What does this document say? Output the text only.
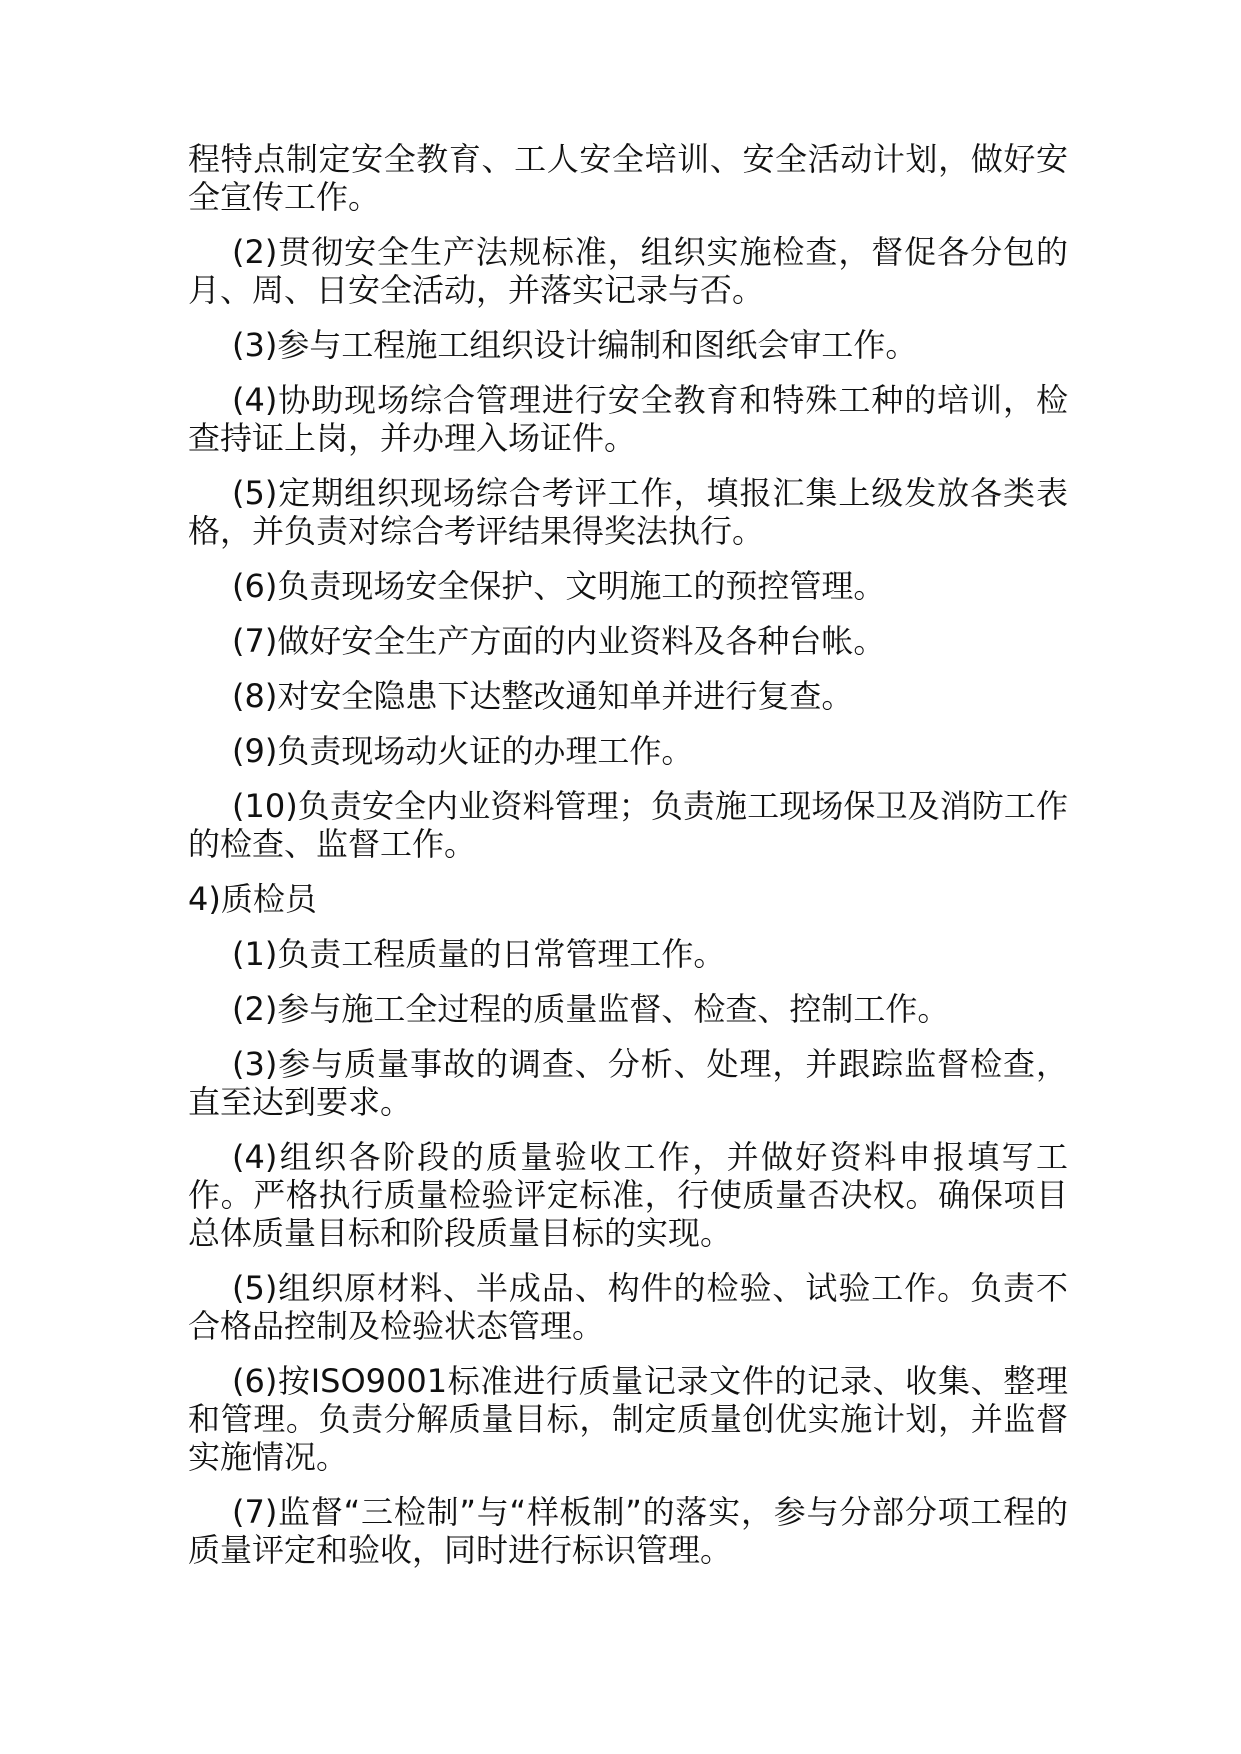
程特点制定安全教育、工人安全培训、安全活动计划，做好安全宣传工作。

(2)贯彻安全生产法规标准，组织实施检查，督促各分包的月、周、日安全活动，并落实记录与否。

(3)参与工程施工组织设计编制和图纸会审工作。

(4)协助现场综合管理进行安全教育和特殊工种的培训，检查持证上岗，并办理入场证件。

(5)定期组织现场综合考评工作，填报汇集上级发放各类表格，并负责对综合考评结果得奖法执行。

(6)负责现场安全保护、文明施工的预控管理。

(7)做好安全生产方面的内业资料及各种台帐。

(8)对安全隐患下达整改通知单并进行复查。

(9)负责现场动火证的办理工作。

(10)负责安全内业资料管理；负责施工现场保卫及消防工作的检查、监督工作。

4)质检员

(1)负责工程质量的日常管理工作。

(2)参与施工全过程的质量监督、检查、控制工作。

(3)参与质量事故的调查、分析、处理，并跟踪监督检查，直至达到要求。

(4)组织各阶段的质量验收工作，并做好资料申报填写工作。严格执行质量检验评定标准，行使质量否决权。确保项目总体质量目标和阶段质量目标的实现。

(5)组织原材料、半成品、构件的检验、试验工作。负责不合格品控制及检验状态管理。

(6)按ISO9001标准进行质量记录文件的记录、收集、整理和管理。负责分解质量目标，制定质量创优实施计划，并监督实施情况。

(7)监督“三检制”与“样板制”的落实，参与分部分项工程的质量评定和验收，同时进行标识管理。
